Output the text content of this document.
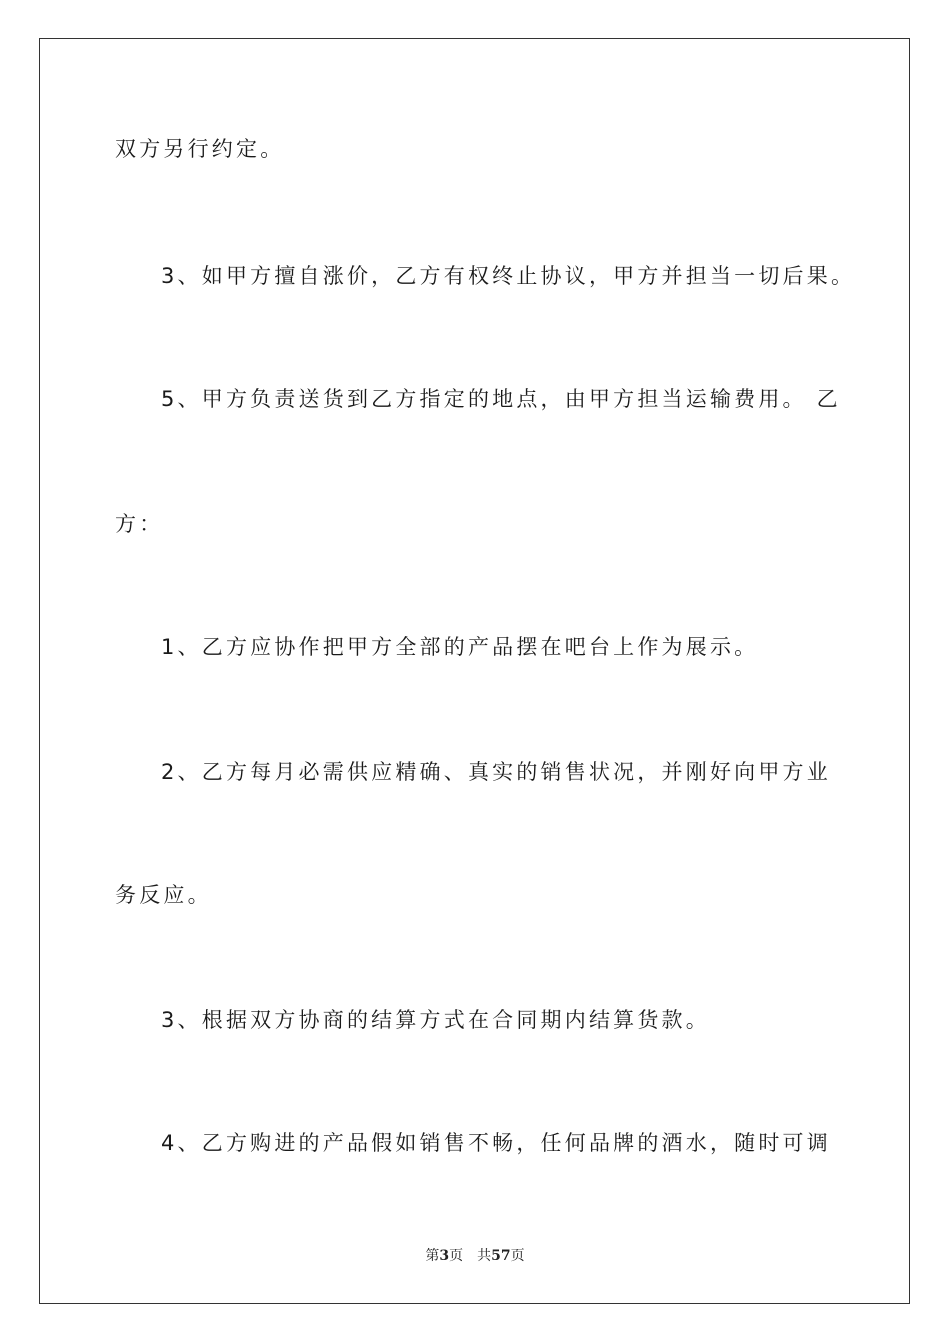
双方另行约定。
3、如甲方擅自涨价，乙方有权终止协议，甲方并担当一切后果。
5、甲方负责送货到乙方指定的地点，由甲方担当运输费用。 乙
方：
1、乙方应协作把甲方全部的产品摆在吧台上作为展示。
2、乙方每月必需供应精确、真实的销售状况，并刚好向甲方业
务反应。
3、根据双方协商的结算方式在合同期内结算货款。
4、乙方购进的产品假如销售不畅，任何品牌的酒水，随时可调
第3页 共57页
